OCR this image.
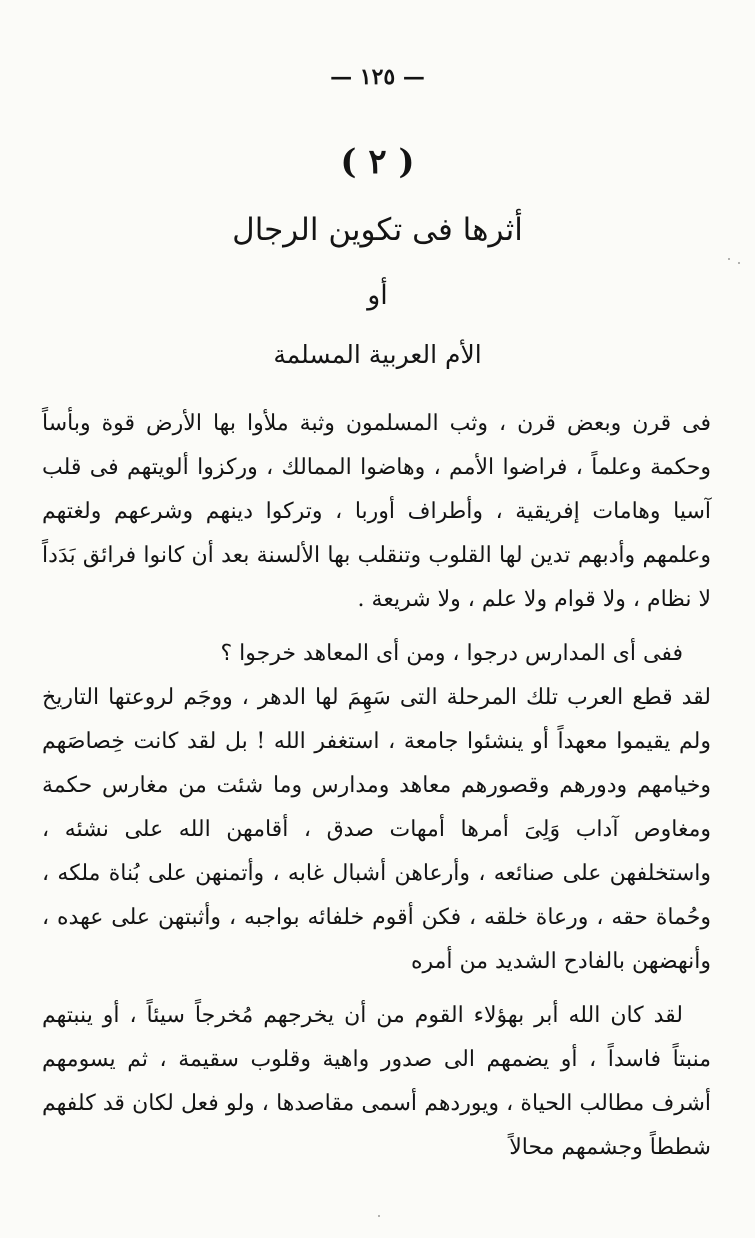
— ١٢٥ —
( ٢ )
أثرها فى تكوين الرجال
أو
الأم العربية المسلمة

فى قرن وبعض قرن ، وثب المسلمون وثبة ملأوا بها الأرض قوة وبأساً وحكمة وعلماً ، فراضوا الأمم ، وهاضوا الممالك ، وركزوا ألويتهم فى قلب آسيا وهامات إفريقية ، وأطراف أوربا ، وتركوا دينهم وشرعهم ولغتهم وعلمهم وأدبهم تدين لها القلوب وتنقلب بها الألسنة بعد أن كانوا فرائق بَدَداً لا نظام ، ولا قوام ولا علم ، ولا شريعة .

ففى أى المدارس درجوا ، ومن أى المعاهد خرجوا ؟

لقد قطع العرب تلك المرحلة التى سَهِمَ لها الدهر ، ووجَم لروعتها التاريخ ولم يقيموا معهداً أو ينشئوا جامعة ، استغفر الله ! بل لقد كانت خِصاصَهم وخيامهم ودورهم وقصورهم معاهد ومدارس وما شئت من مغارس حكمة ومغاوص آداب وَلِىَ أمرها أمهات صدق ، أقامهن الله على نشئه ، واستخلفهن على صنائعه ، وأرعاهن أشبال غابه ، وأتمنهن على بُناة ملكه ، وحُماة حقه ، ورعاة خلقه ، فكن أقوم خلفائه بواجبه ، وأثبتهن على عهده ، وأنهضهن بالفادح الشديد من أمره

لقد كان الله أبر بهؤلاء القوم من أن يخرجهم مُخرجاً سيئاً ، أو ينبتهم منبتاً فاسداً ، أو يضمهم الى صدور واهية وقلوب سقيمة ، ثم يسومهم أشرف مطالب الحياة ، ويوردهم أسمى مقاصدها ، ولو فعل لكان قد كلفهم شططاً وجشمهم محالاً
